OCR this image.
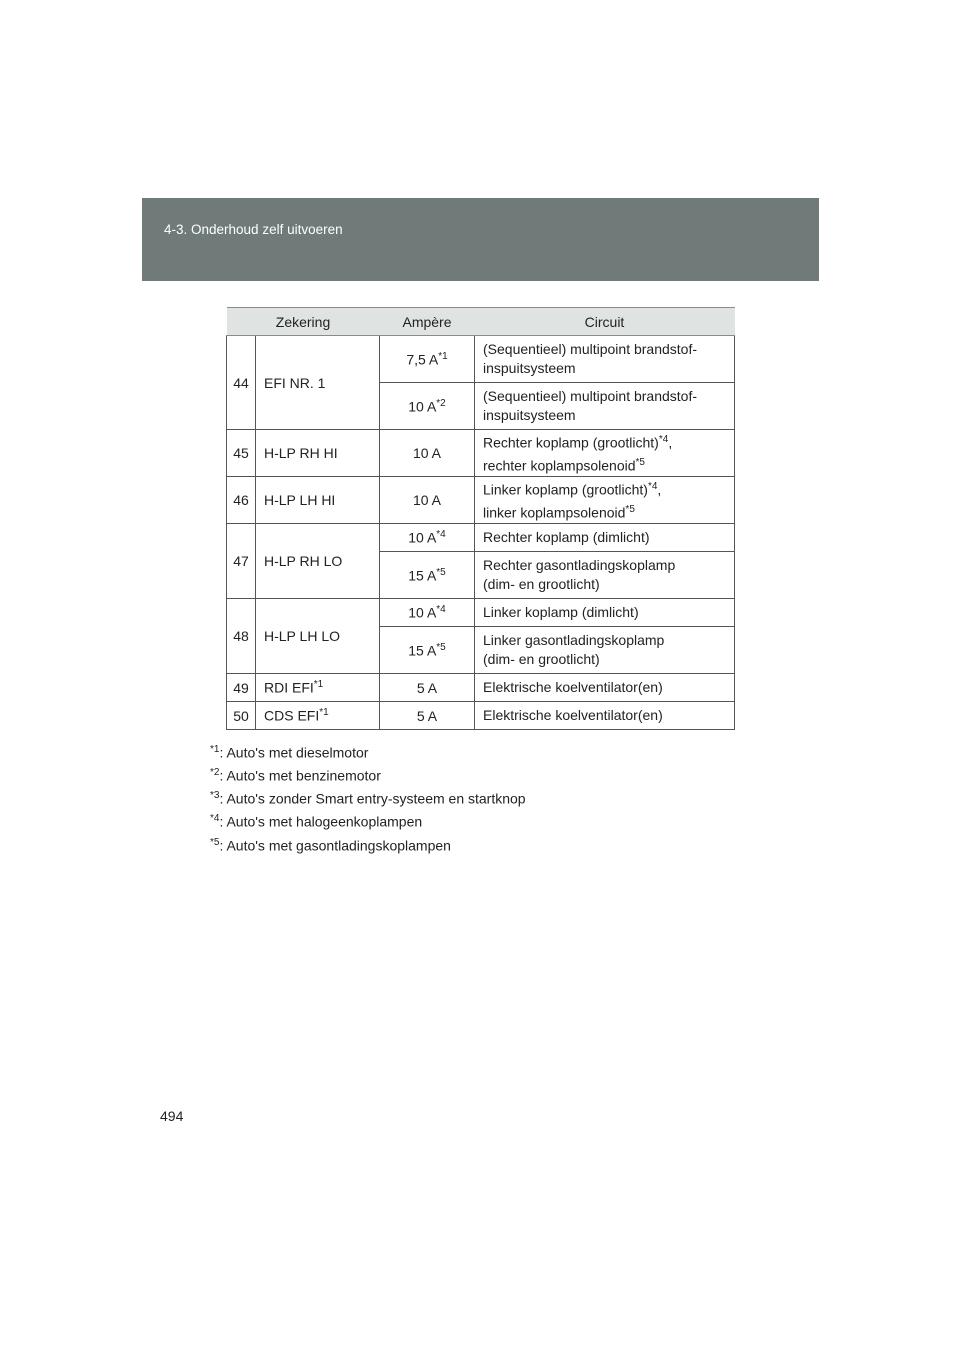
4-3. Onderhoud zelf uitvoeren
Zekering		Ampère	Circuit
44	EFI NR. 1	7,5 $A^{*1}$	(Sequentieel) multipoint brandstof-
inspuitsysteem
		10 $A^{*2}$	(Sequentieel) multipoint brandstof-
inspuitsysteem
45	H-LP RH HI	10 A	Rechter koplamp (grootlicht)$^{*4}$,
rechter koplampsolenoid$^{*5}$
46	H-LP LH HI	10 A	Linker koplamp (grootlicht)$^{*4}$,
linker koplampsolenoid$^{*5}$
47	H-LP RH LO	10 $A^{*4}$	Rechter koplamp (dimlicht)
		15 $A^{*5}$	Rechter gasontladingskoplamp
(dim- en grootlicht)
48	H-LP LH LO	10 $A^{*4}$	Linker koplamp (dimlicht)
		15 $A^{*5}$	Linker gasontladingskoplamp
(dim- en grootlicht)
49	RDI EFI$^{*1}$	5 A	Elektrische koelventilator(en)
50	CDS EFI$^{*1}$	5 A	Elektrische koelventilator(en)
$^{*1}$: Auto's met dieselmotor
$^{*2}$: Auto's met benzinemotor
$^{*3}$: Auto's zonder Smart entry-systeem en startknop
$^{*4}$: Auto's met halogeenkoplampen
$^{*5}$: Auto's met gasontladingskoplampen
494
